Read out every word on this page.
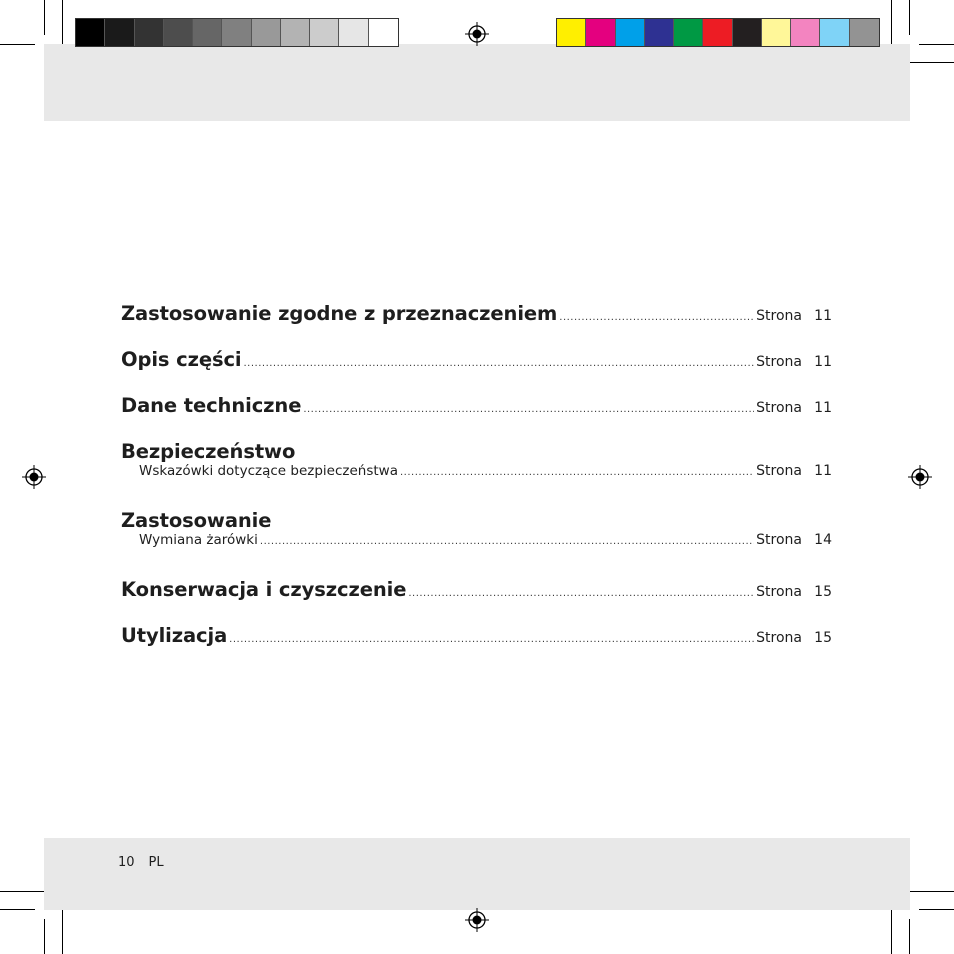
Zastosowanie zgodne z przeznaczeniem .....	Strona 11
Opis części .....	Strona 11
Dane techniczne .....	Strona 11
Bezpieczeństwo
Wskazówki dotyczące bezpieczeństwa .....	Strona 11
Zastosowanie
Wymiana żarówki .....	Strona 14
Konserwacja i czyszczenie .....	Strona 15
Utylizacja .....	Strona 15
10 PL
